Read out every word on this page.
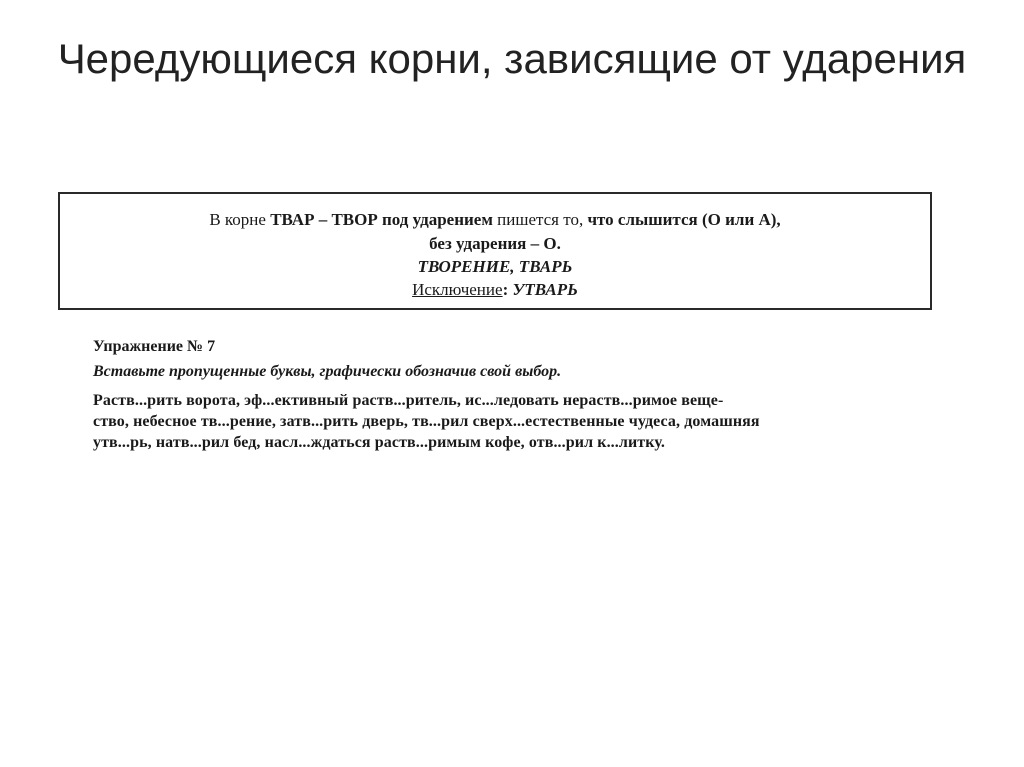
Чередующиеся корни, зависящие от ударения
В корне ТВАР – ТВОР под ударением пишется то, что слышится (О или А),
без ударения – О.
ТВОРЕНИЕ, ТВАРЬ
Исключение: УТВАРЬ

Упражнение № 7

Вставьте пропущенные буквы, графически обозначив свой выбор.

Раств...рить ворота, эф...ективный раств...ритель, ис...ледовать нераств...римое веще-

ство, небесное тв...рение, затв...рить дверь, тв...рил сверх...естественные чудеса, домашняя

утв...рь, натв...рил бед, насл...ждаться раств...римым кофе, отв...рил к...литку.
